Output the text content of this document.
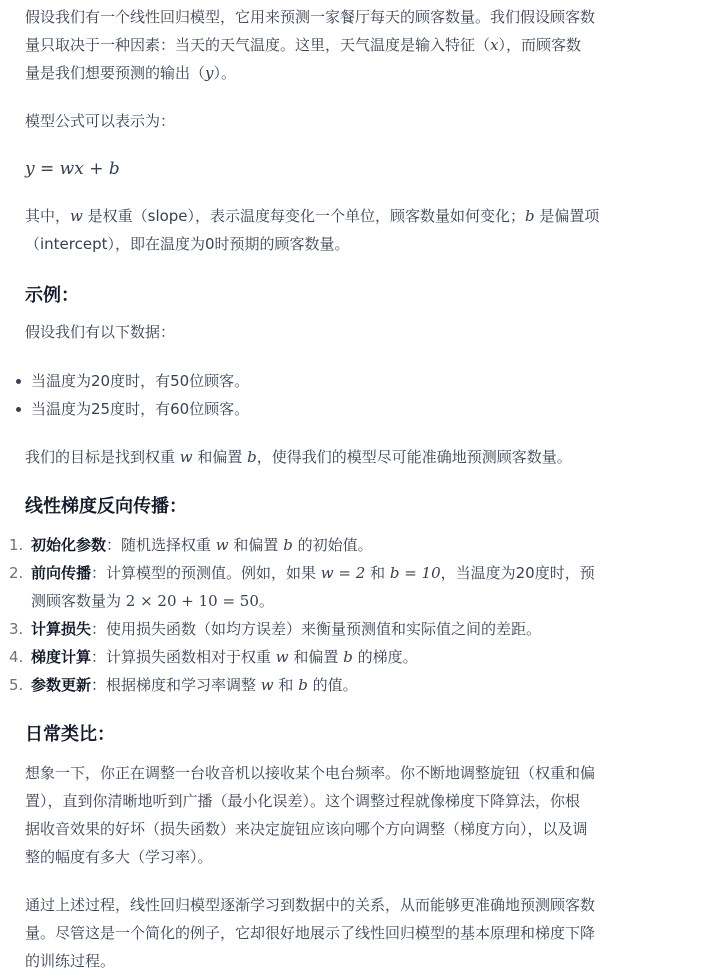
假设我们有一个线性回归模型，它用来预测一家餐厅每天的顾客数量。我们假设顾客数

量只取决于一种因素：当天的天气温度。这里，天气温度是输入特征（x），而顾客数

量是我们想要预测的输出（y）。

模型公式可以表示为：

y = wx + b

其中，w 是权重（slope），表示温度每变化一个单位，顾客数量如何变化；b 是偏置项

（intercept），即在温度为0时预期的顾客数量。

示例：

假设我们有以下数据：

当温度为20度时，有50位顾客。
当温度为25度时，有60位顾客。

我们的目标是找到权重 w 和偏置 b，使得我们的模型尽可能准确地预测顾客数量。

线性梯度反向传播：
1. 初始化参数：随机选择权重 w 和偏置 b 的初始值。
2. 前向传播：计算模型的预测值。例如，如果 w = 2 和 b = 10，当温度为20度时，预
测顾客数量为 2 × 20 + 10 = 50。
3. 计算损失：使用损失函数（如均方误差）来衡量预测值和实际值之间的差距。
4. 梯度计算：计算损失函数相对于权重 w 和偏置 b 的梯度。
5. 参数更新：根据梯度和学习率调整 w 和 b 的值。
日常类比：

想象一下，你正在调整一台收音机以接收某个电台频率。你不断地调整旋钮（权重和偏

置），直到你清晰地听到广播（最小化误差）。这个调整过程就像梯度下降算法，你根

据收音效果的好坏（损失函数）来决定旋钮应该向哪个方向调整（梯度方向），以及调

整的幅度有多大（学习率）。

通过上述过程，线性回归模型逐渐学习到数据中的关系，从而能够更准确地预测顾客数

量。尽管这是一个简化的例子，它却很好地展示了线性回归模型的基本原理和梯度下降

的训练过程。
